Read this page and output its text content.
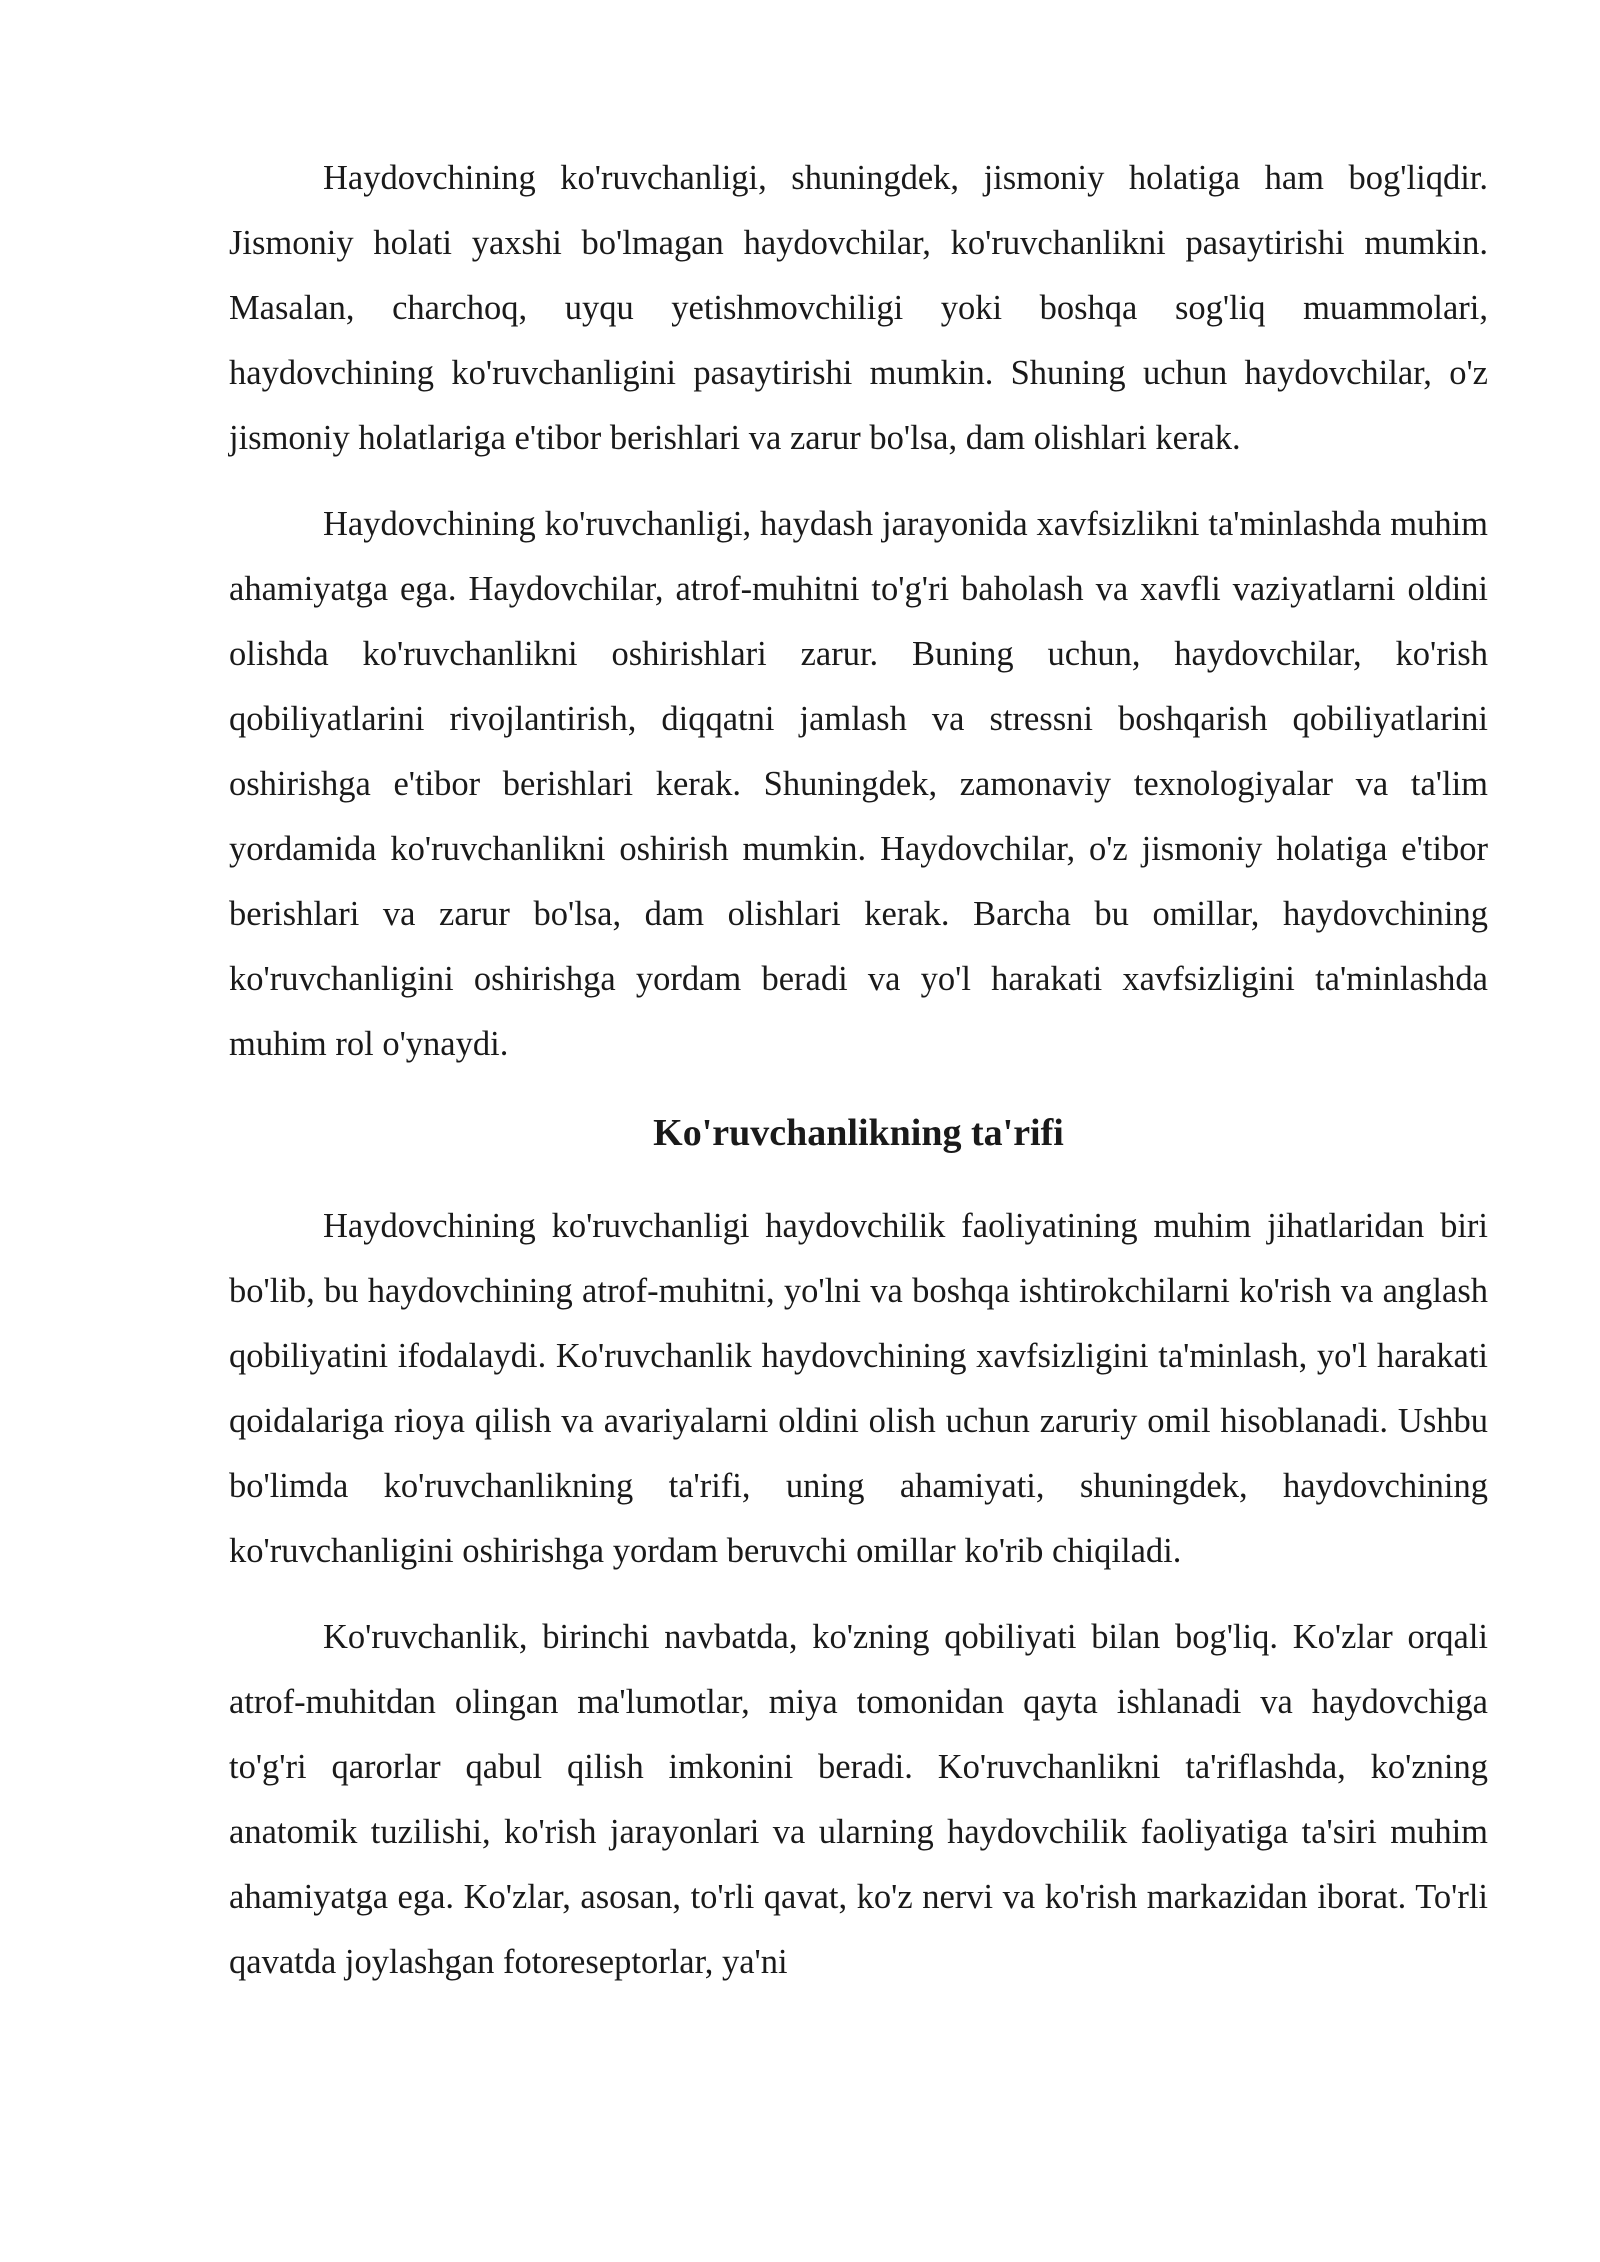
Haydovchining ko'ruvchanligi, shuningdek, jismoniy holatiga ham bog'liqdir. Jismoniy holati yaxshi bo'lmagan haydovchilar, ko'ruvchanlikni pasaytirishi mumkin. Masalan, charchoq, uyqu yetishmovchiligi yoki boshqa sog'liq muammolari, haydovchining ko'ruvchanligini pasaytirishi mumkin. Shuning uchun haydovchilar, o'z jismoniy holatlariga e'tibor berishlari va zarur bo'lsa, dam olishlari kerak.

Haydovchining ko'ruvchanligi, haydash jarayonida xavfsizlikni ta'minlashda muhim ahamiyatga ega. Haydovchilar, atrof-muhitni to'g'ri baholash va xavfli vaziyatlarni oldini olishda ko'ruvchanlikni oshirishlari zarur. Buning uchun, haydovchilar, ko'rish qobiliyatlarini rivojlantirish, diqqatni jamlash va stressni boshqarish qobiliyatlarini oshirishga e'tibor berishlari kerak. Shuningdek, zamonaviy texnologiyalar va ta'lim yordamida ko'ruvchanlikni oshirish mumkin. Haydovchilar, o'z jismoniy holatiga e'tibor berishlari va zarur bo'lsa, dam olishlari kerak. Barcha bu omillar, haydovchining ko'ruvchanligini oshirishga yordam beradi va yo'l harakati xavfsizligini ta'minlashda muhim rol o'ynaydi.

Ko'ruvchanlikning ta'rifi

Haydovchining ko'ruvchanligi haydovchilik faoliyatining muhim jihatlaridan biri bo'lib, bu haydovchining atrof-muhitni, yo'lni va boshqa ishtirokchilarni ko'rish va anglash qobiliyatini ifodalaydi. Ko'ruvchanlik haydovchining xavfsizligini ta'minlash, yo'l harakati qoidalariga rioya qilish va avariyalarni oldini olish uchun zaruriy omil hisoblanadi. Ushbu bo'limda ko'ruvchanlikning ta'rifi, uning ahamiyati, shuningdek, haydovchining ko'ruvchanligini oshirishga yordam beruvchi omillar ko'rib chiqiladi.

Ko'ruvchanlik, birinchi navbatda, ko'zning qobiliyati bilan bog'liq. Ko'zlar orqali atrof-muhitdan olingan ma'lumotlar, miya tomonidan qayta ishlanadi va haydovchiga to'g'ri qarorlar qabul qilish imkonini beradi. Ko'ruvchanlikni ta'riflashda, ko'zning anatomik tuzilishi, ko'rish jarayonlari va ularning haydovchilik faoliyatiga ta'siri muhim ahamiyatga ega. Ko'zlar, asosan, to'rli qavat, ko'z nervi va ko'rish markazidan iborat. To'rli qavatda joylashgan fotoreseptorlar, ya'ni
